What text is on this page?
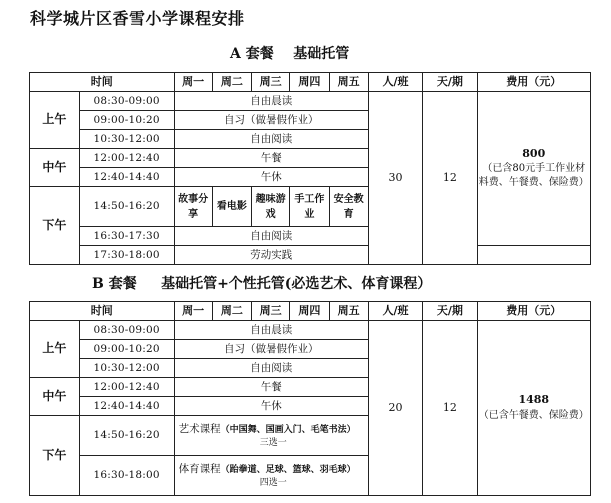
科学城片区香雪小学课程安排
A 套餐    基础托管
时间		周一	周二	周三	周四	周五	人/班	天/期	费用（元）
上午	08:30-09:00	自由晨读					30	12	800
（已含80元手工作业材料费、午餐费、保险费）

	09:00-10:20	自习（做暑假作业）							
	10:30-12:00	自由阅读							
中午	12:00-12:40	午餐							
	12:40-14:40	午休							
下午	14:50-16:20	故事分享	看电影	趣味游戏	手工作业	安全教育			
	16:30-17:30	自由阅读							
	17:30-18:00	劳动实践							
B 套餐     基础托管+个性托管(必选艺术、体育课程）
时间		周一	周二	周三	周四	周五	人/班	天/期	费用（元）
上午	08:30-09:00	自由晨读					20	12	1488
（已含午餐费、保险费）

	09:00-10:20	自习（做暑假作业）							
	10:30-12:00	自由阅读							
中午	12:00-12:40	午餐							
	12:40-14:40	午休							
下午	14:50-16:20	艺术课程（中国舞、国画入门、毛笔书法）
三选一							

	16:30-18:00	体育课程（跆拳道、足球、篮球、羽毛球）
四选一							
